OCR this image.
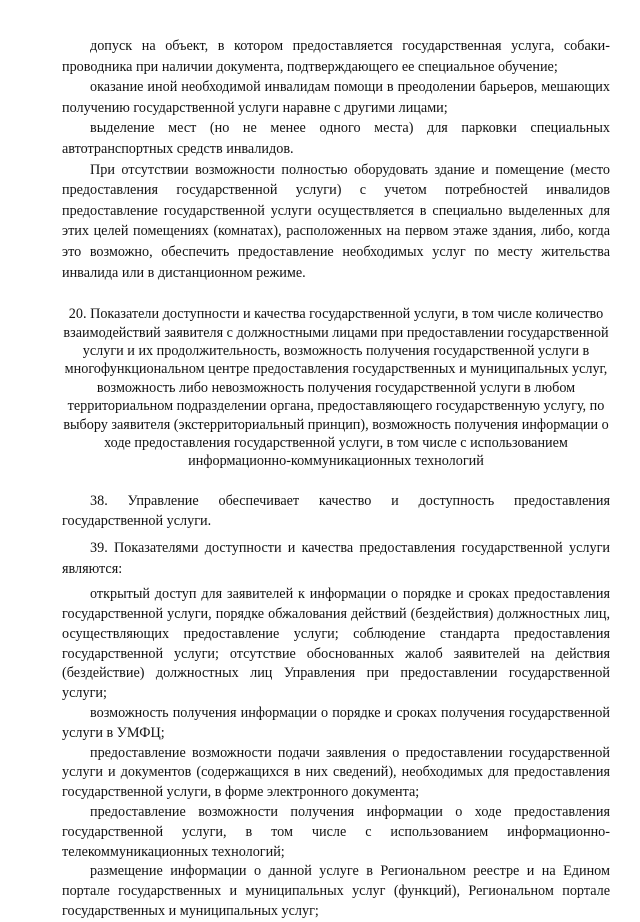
допуск на объект, в котором предоставляется государственная услуга, собаки-проводника при наличии документа, подтверждающего ее специальное обучение;

оказание иной необходимой инвалидам помощи в преодолении барьеров, мешающих получению государственной услуги наравне с другими лицами;

выделение мест (но не менее одного места) для парковки специальных автотранспортных средств инвалидов.

При отсутствии возможности полностью оборудовать здание и помещение (место предоставления государственной услуги) с учетом потребностей инвалидов предоставление государственной услуги осуществляется в специально выделенных для этих целей помещениях (комнатах), расположенных на первом этаже здания, либо, когда это возможно, обеспечить предоставление необходимых услуг по месту жительства инвалида или в дистанционном режиме.

20. Показатели доступности и качества государственной услуги, в том числе количество взаимодействий заявителя с должностными лицами при предоставлении государственной услуги и их продолжительность, возможность получения государственной услуги в многофункциональном центре предоставления государственных и муниципальных услуг, возможность либо невозможность получения государственной услуги в любом территориальном подразделении органа, предоставляющего государственную услугу, по выбору заявителя (экстерриториальный принцип), возможность получения информации о ходе предоставления государственной услуги, в том числе с использованием информационно-коммуникационных технологий

38. Управление обеспечивает качество и доступность предоставления государственной услуги.

39. Показателями доступности и качества предоставления государственной услуги являются:

открытый доступ для заявителей к информации о порядке и сроках предоставления государственной услуги, порядке обжалования действий (бездействия) должностных лиц, осуществляющих предоставление услуги; соблюдение стандарта предоставления государственной услуги; отсутствие обоснованных жалоб заявителей на действия (бездействие) должностных лиц Управления при предоставлении государственной услуги;

возможность получения информации о порядке и сроках получения государственной услуги в УМФЦ;

предоставление возможности подачи заявления о предоставлении государственной услуги и документов (содержащихся в них сведений), необходимых для предоставления государственной услуги, в форме электронного документа;

предоставление возможности получения информации о ходе предоставления государственной услуги, в том числе с использованием информационно-телекоммуникационных технологий;

размещение информации о данной услуге в Региональном реестре и на Едином портале государственных и муниципальных услуг (функций), Региональном портале государственных и муниципальных услуг;
